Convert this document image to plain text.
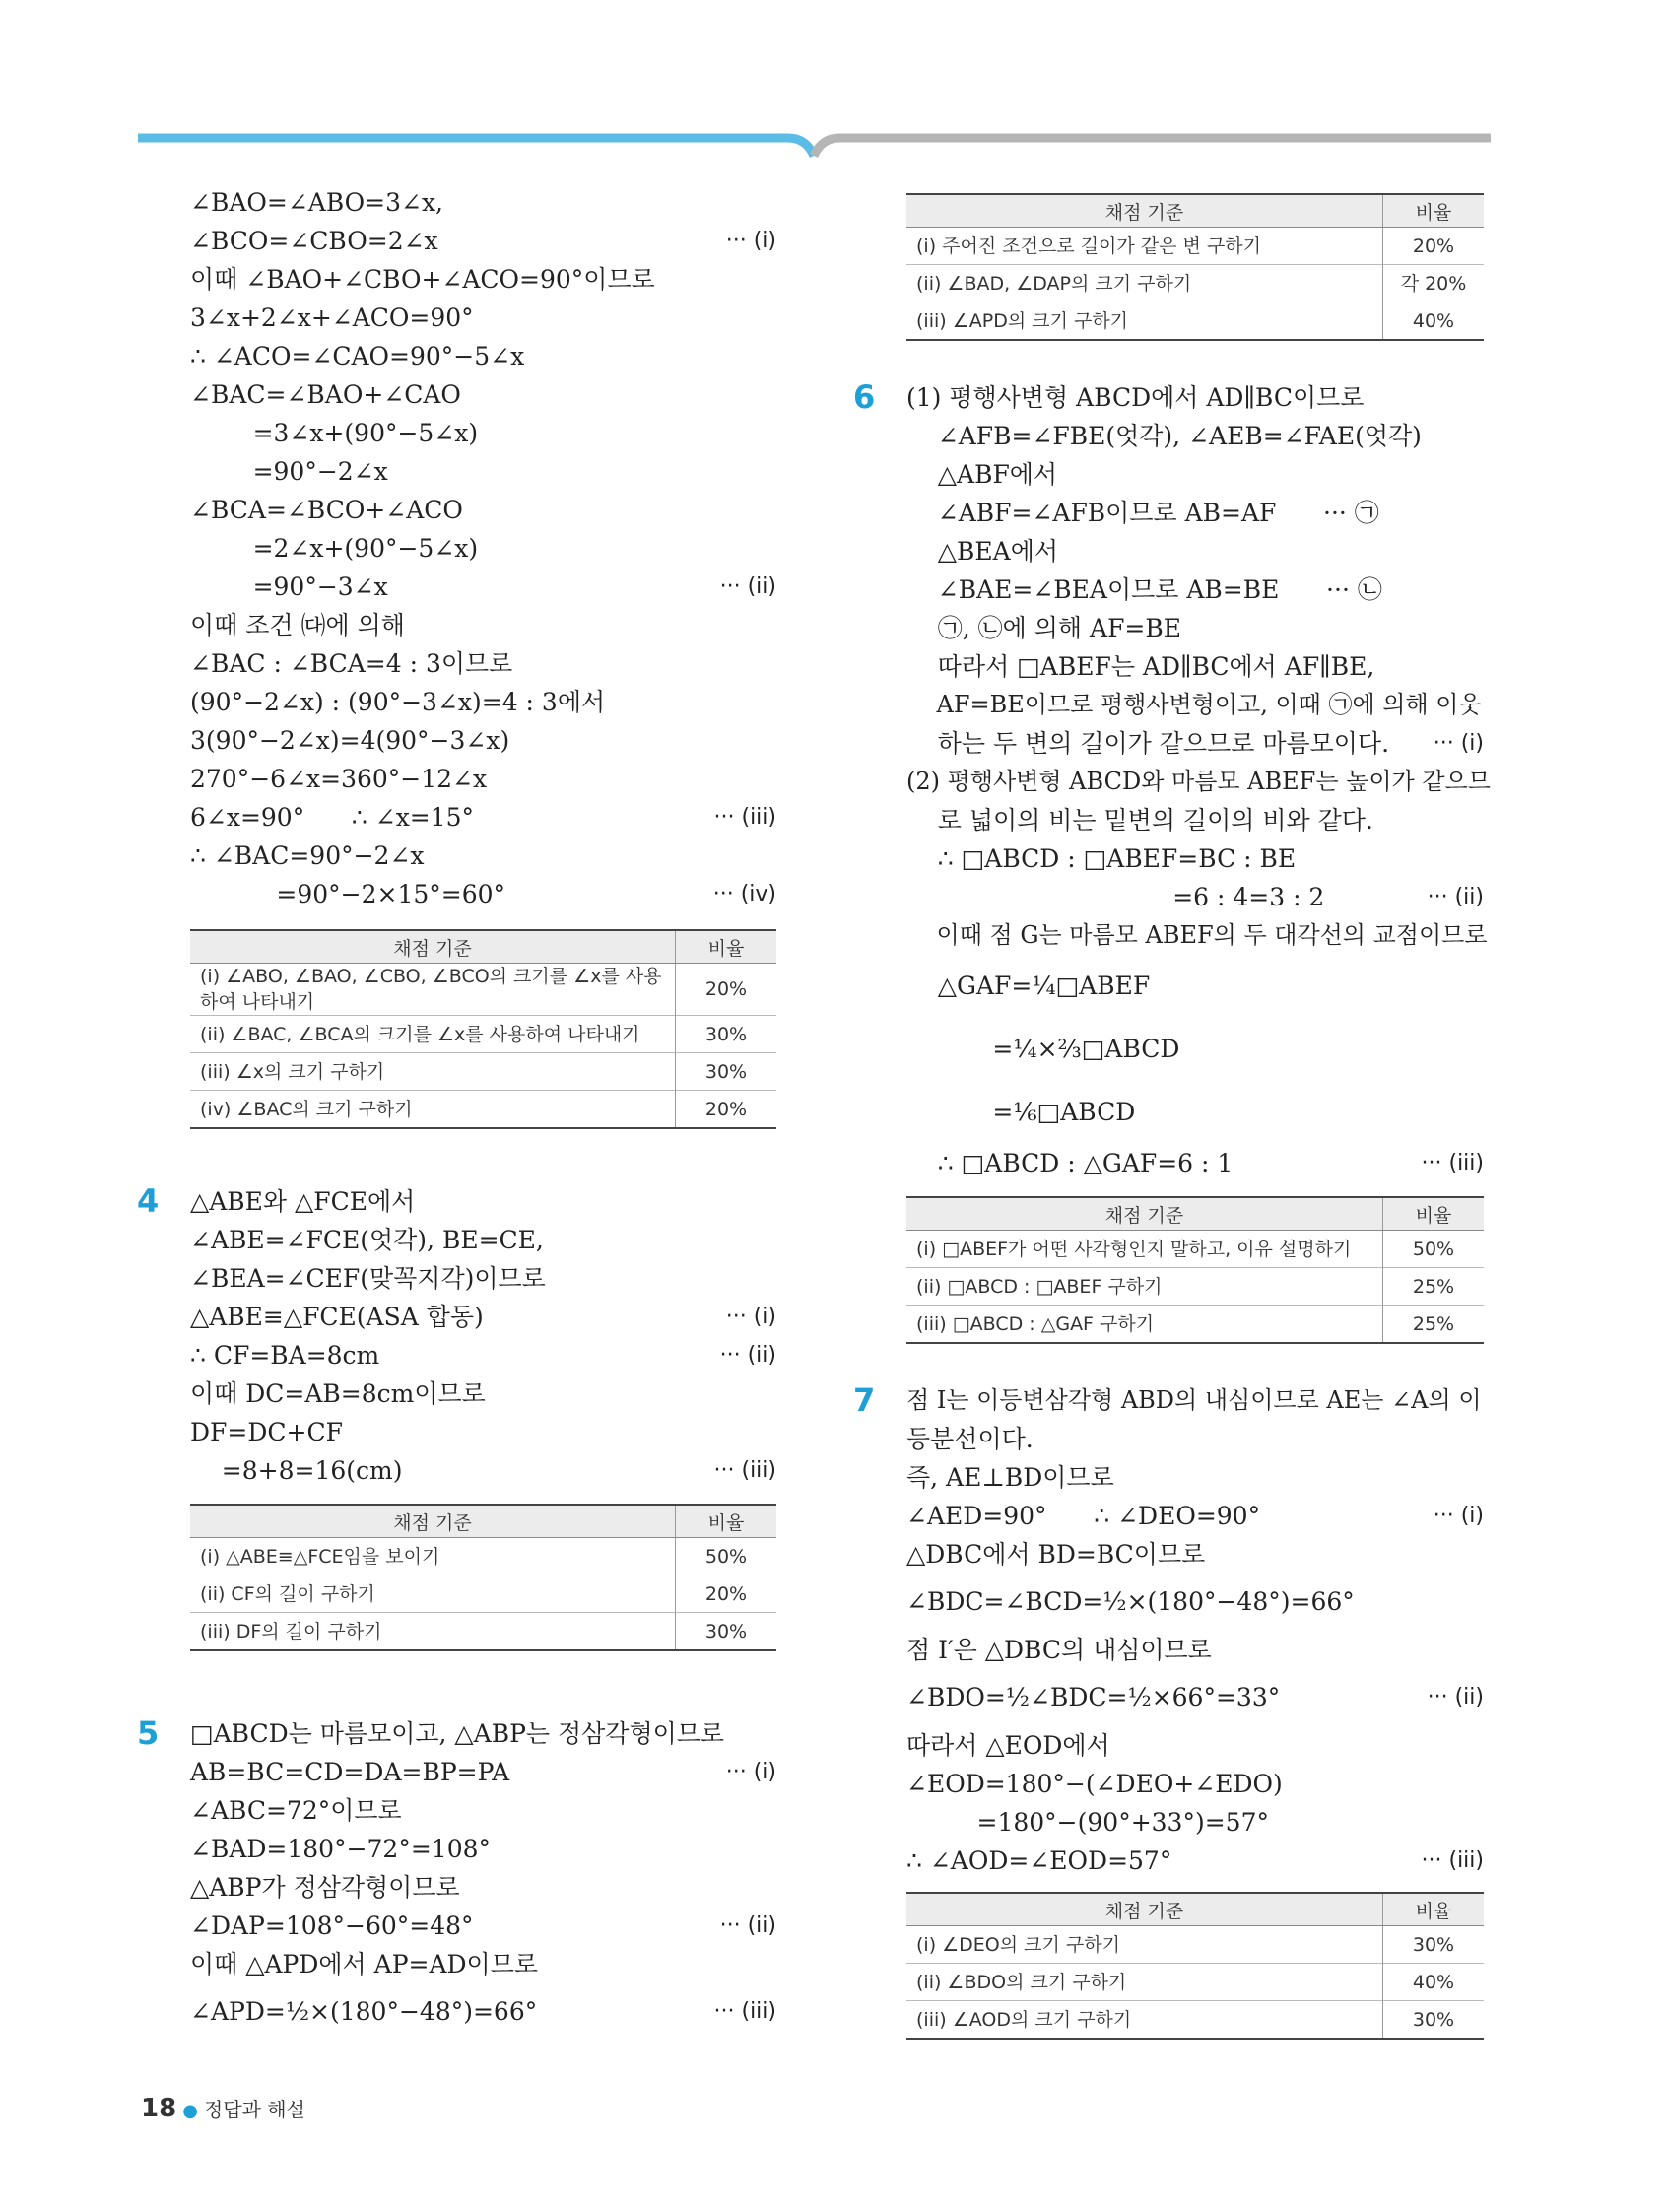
∠BAO=∠ABO=3∠x,
∠BCO=∠CBO=2∠x	··· (i)
이때 ∠BAO+∠CBO+∠ACO=90°이므로
3∠x+2∠x+∠ACO=90°
∴ ∠ACO=∠CAO=90°−5∠x
∠BAC=∠BAO+∠CAO
=3∠x+(90°−5∠x)
=90°−2∠x
∠BCA=∠BCO+∠ACO
=2∠x+(90°−5∠x)
=90°−3∠x	··· (ii)
이때 조건 ㈐에 의해
∠BAC : ∠BCA=4 : 3이므로
(90°−2∠x) : (90°−3∠x)=4 : 3에서
3(90°−2∠x)=4(90°−3∠x)
270°−6∠x=360°−12∠x
6∠x=90°      ∴ ∠x=15°	··· (iii)
∴ ∠BAC=90°−2∠x
=90°−2×15°=60°	··· (iv)
채점 기준	비율
(i) ∠ABO, ∠BAO, ∠CBO, ∠BCO의 크기를 ∠x를 사용하여 나타내기	20%
(ii) ∠BAC, ∠BCA의 크기를 ∠x를 사용하여 나타내기	30%
(iii) ∠x의 크기 구하기	30%
(iv) ∠BAC의 크기 구하기	20%
4 △ABE와 △FCE에서
∠ABE=∠FCE(엇각), BE=CE,
∠BEA=∠CEF(맞꼭지각)이므로
△ABE≡△FCE(ASA 합동)	··· (i)
∴ CF=BA=8cm	··· (ii)
이때 DC=AB=8cm이므로
DF=DC+CF
=8+8=16(cm)	··· (iii)
채점 기준	비율
(i) △ABE≡△FCE임을 보이기	50%
(ii) CF의 길이 구하기	20%
(iii) DF의 길이 구하기	30%
5 □ABCD는 마름모이고, △ABP는 정삼각형이므로
AB=BC=CD=DA=BP=PA	··· (i)
∠ABC=72°이므로
∠BAD=180°−72°=108°
△ABP가 정삼각형이므로
∠DAP=108°−60°=48°	··· (ii)
이때 △APD에서 AP=AD이므로
∠APD=½×(180°−48°)=66°	··· (iii)
채점 기준	비율
(i) 주어진 조건으로 길이가 같은 변 구하기	20%
(ii) ∠BAD, ∠DAP의 크기 구하기	각 20%
(iii) ∠APD의 크기 구하기	40%
6 (1) 평행사변형 ABCD에서 AD∥BC이므로
∠AFB=∠FBE(엇각), ∠AEB=∠FAE(엇각)
△ABF에서
∠ABF=∠AFB이므로 AB=AF      ··· ㉠
△BEA에서
∠BAE=∠BEA이므로 AB=BE      ··· ㉡
㉠, ㉡에 의해 AF=BE
따라서 □ABEF는 AD∥BC에서 AF∥BE,
AF=BE이므로 평행사변형이고, 이때 ㉠에 의해 이웃
하는 두 변의 길이가 같으므로 마름모이다. ··· (i)
(2) 평행사변형 ABCD와 마름모 ABEF는 높이가 같으므
로 넓이의 비는 밑변의 길이의 비와 같다.
∴ □ABCD : □ABEF=BC : BE
=6 : 4=3 : 2	··· (ii)
이때 점 G는 마름모 ABEF의 두 대각선의 교점이므로
△GAF=¼□ABEF
=¼×⅔□ABCD
=⅙□ABCD
∴ □ABCD : △GAF=6 : 1	··· (iii)
채점 기준	비율
(i) □ABEF가 어떤 사각형인지 말하고, 이유 설명하기	50%
(ii) □ABCD : □ABEF 구하기	25%
(iii) □ABCD : △GAF 구하기	25%
7 점 I는 이등변삼각형 ABD의 내심이므로 AE는 ∠A의 이
등분선이다.
즉, AE⊥BD이므로
∠AED=90°      ∴ ∠DEO=90°	··· (i)
△DBC에서 BD=BC이므로
∠BDC=∠BCD=½×(180°−48°)=66°
점 I′은 △DBC의 내심이므로
∠BDO=½∠BDC=½×66°=33°	··· (ii)
따라서 △EOD에서
∠EOD=180°−(∠DEO+∠EDO)
=180°−(90°+33°)=57°
∴ ∠AOD=∠EOD=57°	··· (iii)
채점 기준	비율
(i) ∠DEO의 크기 구하기	30%
(ii) ∠BDO의 크기 구하기	40%
(iii) ∠AOD의 크기 구하기	30%
18 ● 정답과 해설
